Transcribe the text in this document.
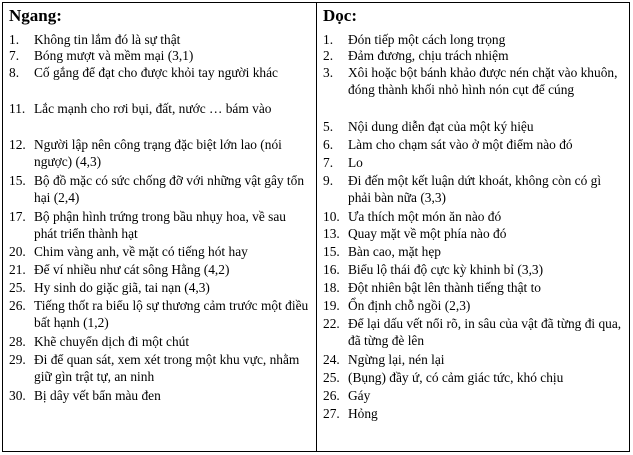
Ngang:
1.	Không tin lắm đó là sự thật
7.	Bóng mượt và mềm mại (3,1)
8.	Cố gắng để đạt cho được khỏi tay người khác
11. Lắc mạnh cho rơi bụi, đất, nước … bám vào
12. Người lập nên công trạng đặc biệt lớn lao (nói ngược) (4,3)
15. Bộ đồ mặc có sức chống đỡ với những vật gây tổn hại (2,4)
17. Bộ phận hình trứng trong bầu nhụy hoa, về sau phát triển thành hạt
20. Chim vàng anh, về mặt có tiếng hót hay
21. Để ví nhiều như cát sông Hằng (4,2)
25. Hy sinh do giặc giã, tai nạn (4,3)
26. Tiếng thốt ra biểu lộ sự thương cảm trước một điều bất hạnh (1,2)
28. Khẽ chuyển dịch đi một chút
29. Đi để quan sát, xem xét trong một khu vực, nhằm giữ gìn trật tự, an ninh
30. Bị dây vết bẩn màu đen
Dọc:
1.	Đón tiếp một cách long trọng
2.	Đảm đương, chịu trách nhiệm
3.	Xôi hoặc bột bánh khảo được nén chặt vào khuôn, đóng thành khối nhỏ hình nón cụt để cúng
5.	Nội dung diễn đạt của một ký hiệu
6.	Làm cho chạm sát vào ở một điểm nào đó
7.	Lo
9.	Đi đến một kết luận dứt khoát, không còn có gì phải bàn nữa (3,3)
10. Ưa thích một món ăn nào đó
13. Quay mặt về một phía nào đó
15. Bàn cao, mặt hẹp
16. Biểu lộ thái độ cực kỳ khinh bỉ (3,3)
18. Đột nhiên bật lên thành tiếng thật to
19. Ổn định chỗ ngồi (2,3)
22. Để lại dấu vết nổi rõ, in sâu của vật đã từng đi qua, đã từng đè lên
24. Ngừng lại, nén lại
25. (Bụng) đầy ứ, có cảm giác tức, khó chịu
26. Gáy
27. Hỏng
